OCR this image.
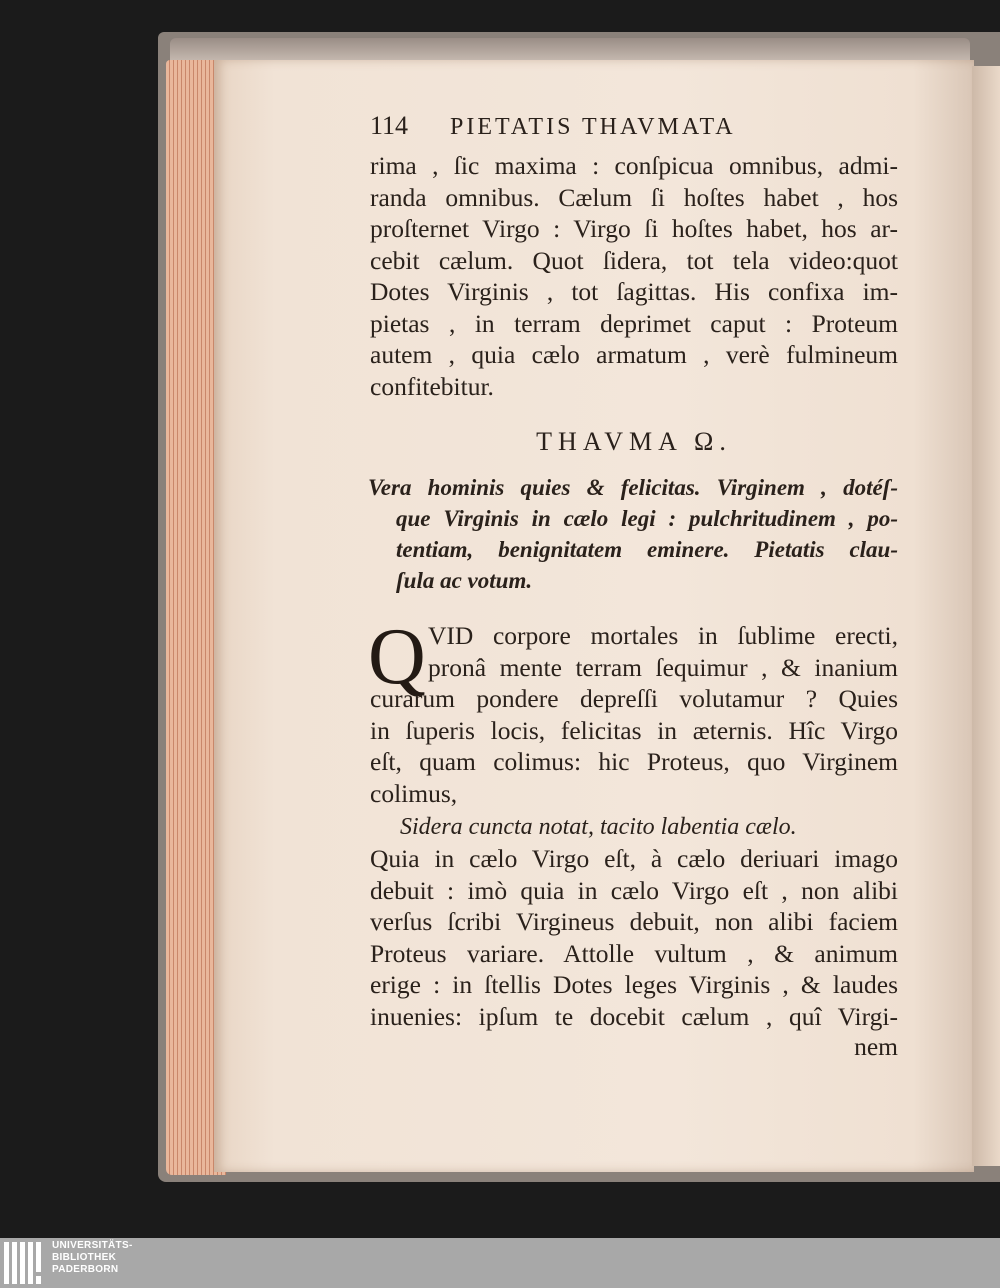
114 PIETATIS THAVMATA
rima , ſic maxima : conſpicua omnibus, admi-
randa omnibus. Cælum ſi hoſtes habet , hos
proſternet Virgo : Virgo ſi hoſtes habet, hos ar-
cebit cælum. Quot ſidera, tot tela video:quot
Dotes Virginis , tot ſagittas. His confixa im-
pietas , in terram deprimet caput : Proteum
autem , quia cælo armatum , verè fulmineum
confitebitur.
THAVMA Ω.
Vera hominis quies & felicitas. Virginem , dotéſ-
que Virginis in cælo legi : pulchritudinem , po-
tentiam, benignitatem eminere. Pietatis clau-
ſula ac votum.
Q VID corpore mortales in ſublime erecti,
pronâ mente terram ſequimur , & inanium
curarum pondere depreſſi volutamur ? Quies
in ſuperis locis, felicitas in æternis. Hîc Virgo
eſt, quam colimus: hic Proteus, quo Virginem
colimus,
Sidera cuncta notat, tacito labentia cælo.
Quia in cælo Virgo eſt, à cælo deriuari imago
debuit : imò quia in cælo Virgo eſt , non alibi
verſus ſcribi Virgineus debuit, non alibi faciem
Proteus variare. Attolle vultum , & animum
erige : in ſtellis Dotes leges Virginis , & laudes
inuenies: ipſum te docebit cælum , quî Virgi-
nem
UNIVERSITÄTS-
BIBLIOTHEK
PADERBORN
